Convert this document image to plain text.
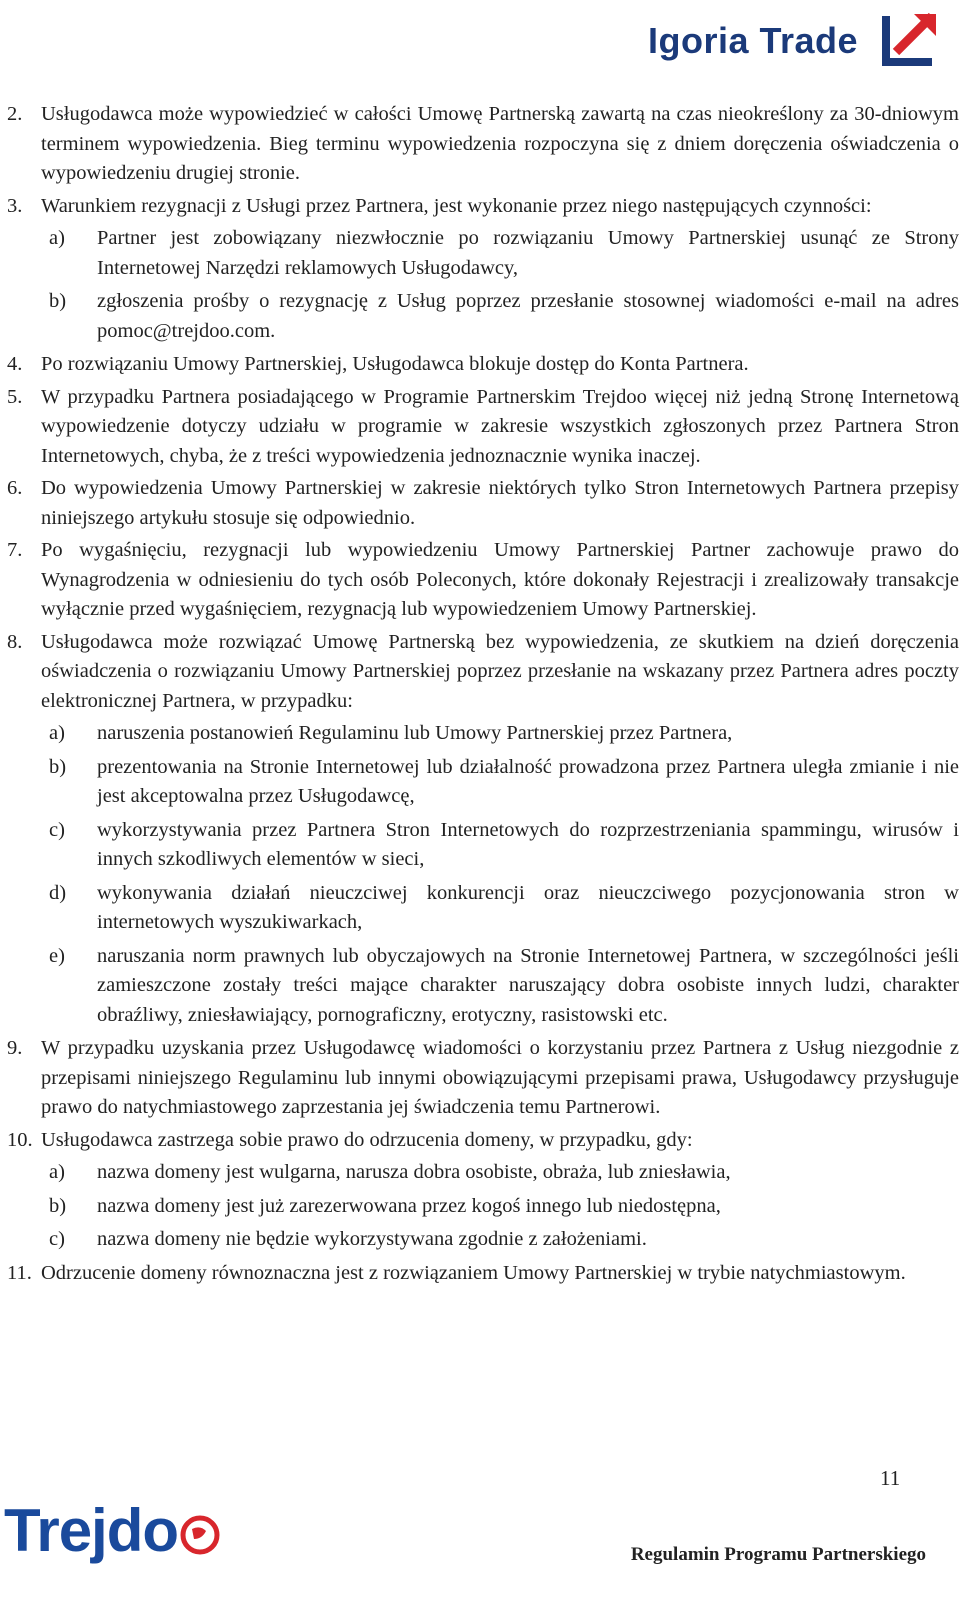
Igoria Trade
2. Usługodawca może wypowiedzieć w całości Umowę Partnerską zawartą na czas nieokreślony za 30-dniowym terminem wypowiedzenia. Bieg terminu wypowiedzenia rozpoczyna się z dniem doręczenia oświadczenia o wypowiedzeniu drugiej stronie.
3. Warunkiem rezygnacji z Usługi przez Partnera, jest wykonanie przez niego następujących czynności:
a)	Partner jest zobowiązany niezwłocznie po rozwiązaniu Umowy Partnerskiej usunąć ze Strony Internetowej Narzędzi reklamowych Usługodawcy,
b)	zgłoszenia prośby o rezygnację z Usług poprzez przesłanie stosownej wiadomości e-mail na adres pomoc@trejdoo.com.
4. Po rozwiązaniu Umowy Partnerskiej, Usługodawca blokuje dostęp do Konta Partnera.
5. W przypadku Partnera posiadającego w Programie Partnerskim Trejdoo więcej niż jedną Stronę Internetową wypowiedzenie dotyczy udziału w programie w zakresie wszystkich zgłoszonych przez Partnera Stron Internetowych, chyba, że z treści wypowiedzenia jednoznacznie wynika inaczej.
6. Do wypowiedzenia Umowy Partnerskiej w zakresie niektórych tylko Stron Internetowych Partnera przepisy niniejszego artykułu stosuje się odpowiednio.
7. Po wygaśnięciu, rezygnacji lub wypowiedzeniu Umowy Partnerskiej Partner zachowuje prawo do Wynagrodzenia w odniesieniu do tych osób Poleconych, które dokonały Rejestracji i zrealizowały transakcje wyłącznie przed wygaśnięciem, rezygnacją lub wypowiedzeniem Umowy Partnerskiej.
8. Usługodawca może rozwiązać Umowę Partnerską bez wypowiedzenia, ze skutkiem na dzień doręczenia oświadczenia o rozwiązaniu Umowy Partnerskiej poprzez przesłanie na wskazany przez Partnera adres poczty elektronicznej Partnera, w przypadku:
a)	naruszenia postanowień Regulaminu lub Umowy Partnerskiej przez Partnera,
b)	prezentowania na Stronie Internetowej lub działalność prowadzona przez Partnera uległa zmianie i nie jest akceptowalna przez Usługodawcę,
c)	wykorzystywania przez Partnera Stron Internetowych do rozprzestrzeniania spammingu, wirusów i innych szkodliwych elementów w sieci,
d)	wykonywania działań nieuczciwej konkurencji oraz nieuczciwego pozycjonowania stron w internetowych wyszukiwarkach,
e)	naruszania norm prawnych lub obyczajowych na Stronie Internetowej Partnera, w szczególności jeśli zamieszczone zostały treści mające charakter naruszający dobra osobiste innych ludzi, charakter obraźliwy, zniesławiający, pornograficzny, erotyczny, rasistowski etc.
9. W przypadku uzyskania przez Usługodawcę wiadomości o korzystaniu przez Partnera z Usług niezgodnie z przepisami niniejszego Regulaminu lub innymi obowiązującymi przepisami prawa, Usługodawcy przysługuje prawo do natychmiastowego zaprzestania jej świadczenia temu Partnerowi.
10. Usługodawca zastrzega sobie prawo do odrzucenia domeny, w przypadku, gdy:
a)	nazwa domeny jest wulgarna, narusza dobra osobiste, obraża, lub zniesławia,
b)	nazwa domeny jest już zarezerwowana przez kogoś innego lub niedostępna,
c)	nazwa domeny nie będzie wykorzystywana zgodnie z założeniami.
11. Odrzucenie domeny równoznaczna jest z rozwiązaniem Umowy Partnerskiej w trybie natychmiastowym.
11
Trejdo	Regulamin Programu Partnerskiego
